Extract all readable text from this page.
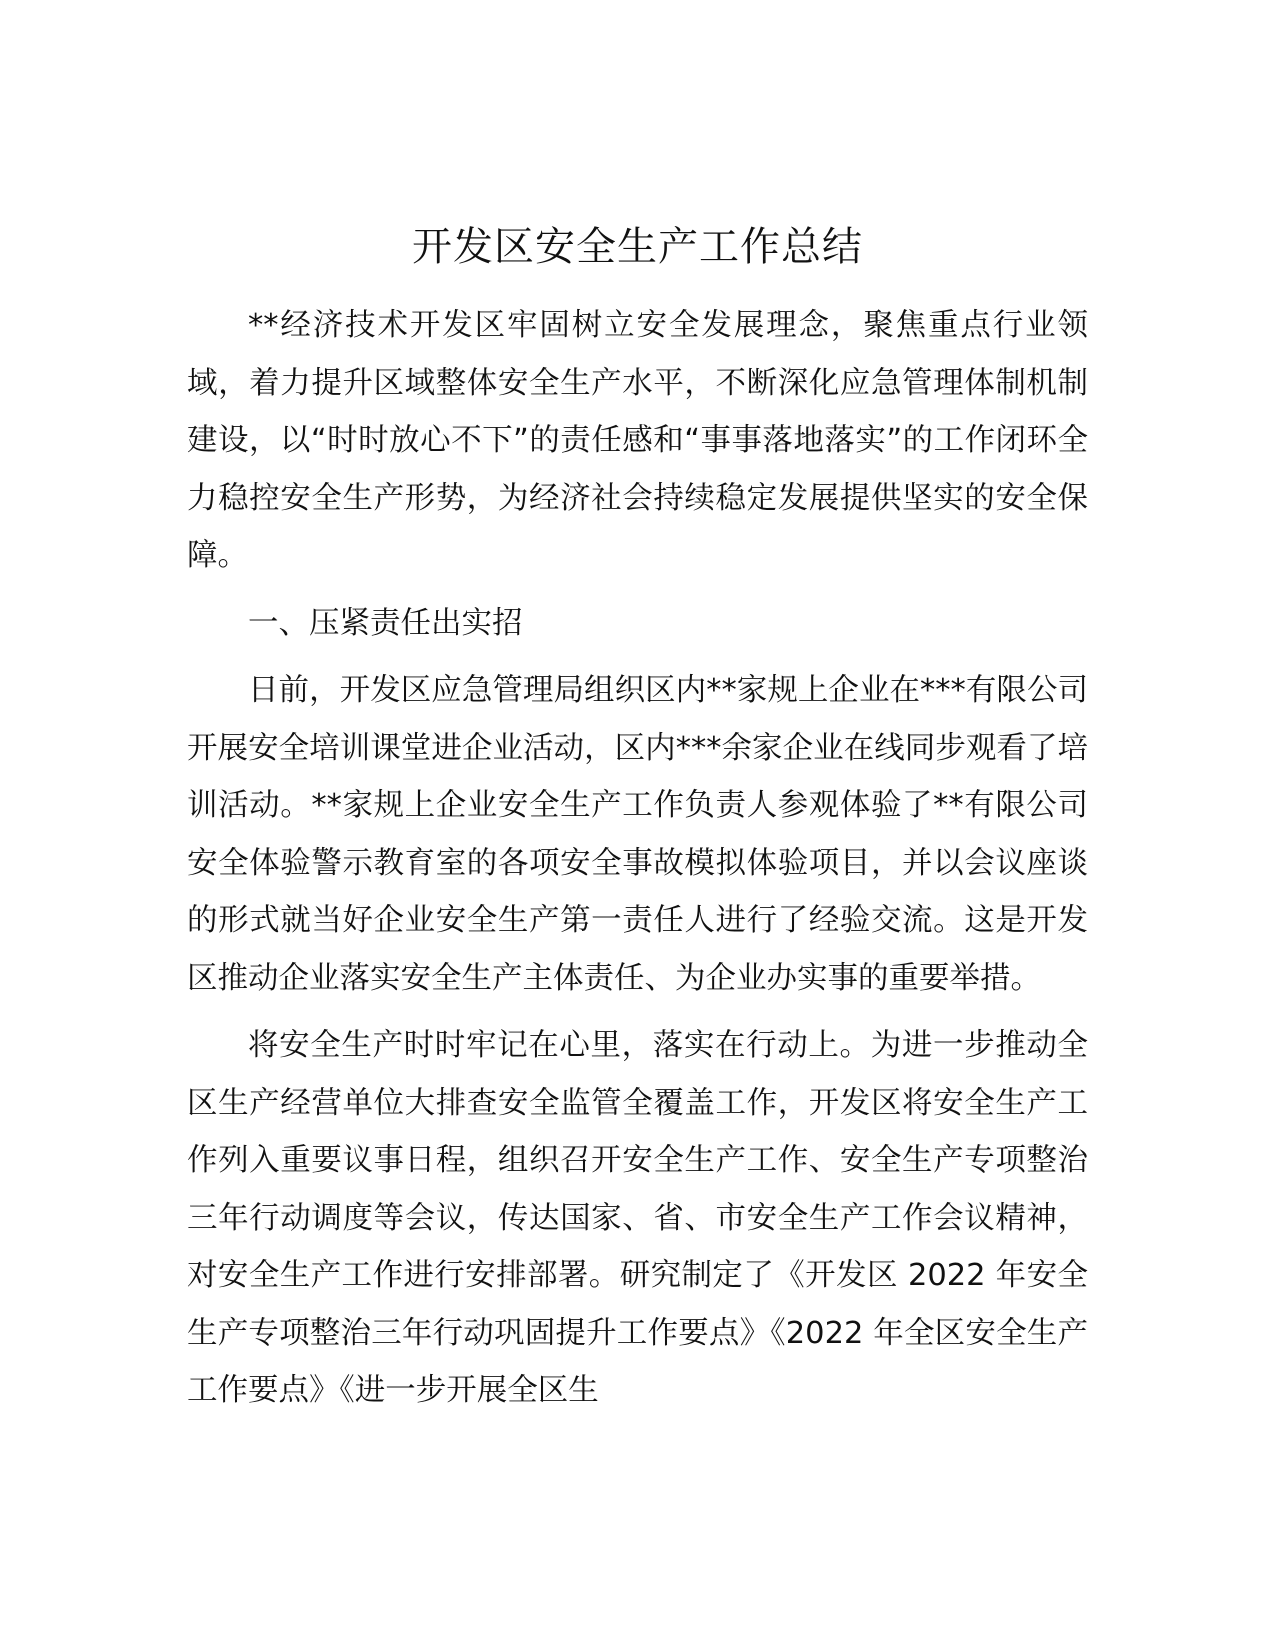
开发区安全生产工作总结

**经济技术开发区牢固树立安全发展理念，聚焦重点行业领域，着力提升区域整体安全生产水平，不断深化应急管理体制机制建设，以“时时放心不下”的责任感和“事事落地落实”的工作闭环全力稳控安全生产形势，为经济社会持续稳定发展提供坚实的安全保障。

一、压紧责任出实招

日前，开发区应急管理局组织区内**家规上企业在***有限公司开展安全培训课堂进企业活动，区内***余家企业在线同步观看了培训活动。**家规上企业安全生产工作负责人参观体验了**有限公司安全体验警示教育室的各项安全事故模拟体验项目，并以会议座谈的形式就当好企业安全生产第一责任人进行了经验交流。这是开发区推动企业落实安全生产主体责任、为企业办实事的重要举措。

将安全生产时时牢记在心里，落实在行动上。为进一步推动全区生产经营单位大排查安全监管全覆盖工作，开发区将安全生产工作列入重要议事日程，组织召开安全生产工作、安全生产专项整治三年行动调度等会议，传达国家、省、市安全生产工作会议精神，对安全生产工作进行安排部署。研究制定了《开发区 2022 年安全生产专项整治三年行动巩固提升工作要点》《2022 年全区安全生产工作要点》《进一步开展全区生
